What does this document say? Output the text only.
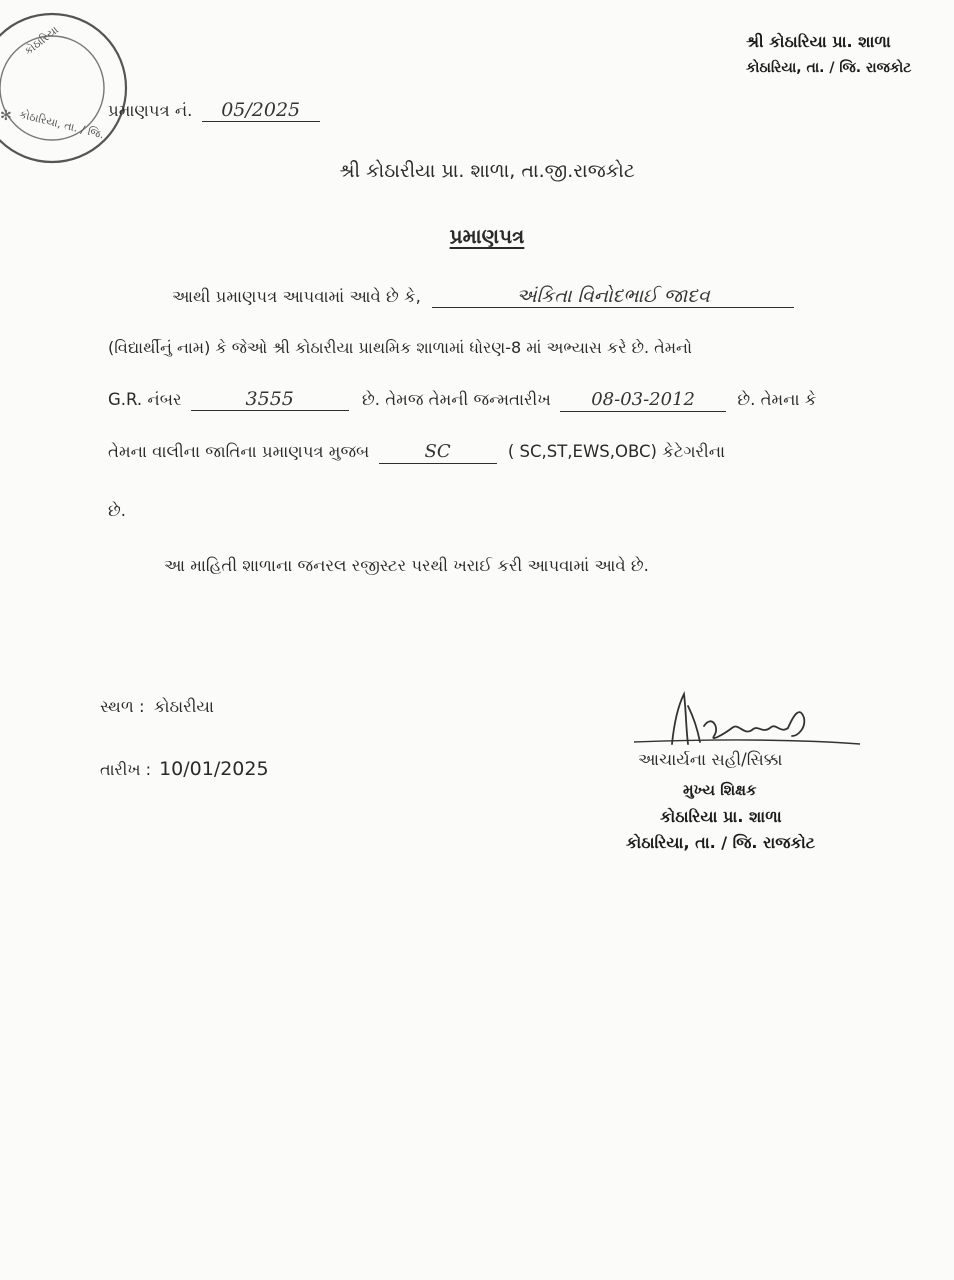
✻
કોઠારિયા
કોઠારિયા, તા. / જિ.
શ્રી કોઠારિયા પ્રા. શાળા
કોઠારિયા, તા. / જિ. રાજકોટ
પ્રમાણપત્ર નં. 05/2025
શ્રી કોઠારીયા પ્રા. શાળા, તા.જી.રાજકોટ
પ્રમાણપત્ર
આથી પ્રમાણપત્ર આપવામાં આવે છે કે,	અંકિતા વિનોદભાઈ જાદવ
(વિદ્યાર્થીનું નામ) કે જેઓ શ્રી કોઠારીયા પ્રાથમિક શાળામાં ધોરણ-8 માં અભ્યાસ કરે છે. તેમનો
G.R. નંબર	3555	છે. તેમજ તેમની જન્મતારીખ 08-03-2012	છે. તેમના કે
તેમના વાલીના જાતિના પ્રમાણપત્ર મુજબ	SC	( SC,ST,EWS,OBC) કેટેગરીના
છે.
આ માહિતી શાળાના જનરલ રજીસ્ટર પરથી ખરાઈ કરી આપવામાં આવે છે.
સ્થળ : કોઠારીયા
તારીખ : 10/01/2025	આચાર્યના સહી/સિક્કા
મુખ્ય શિક્ષક
કોઠારિયા પ્રા. શાળા
કોઠારિયા, તા. / જિ. રાજકોટ
